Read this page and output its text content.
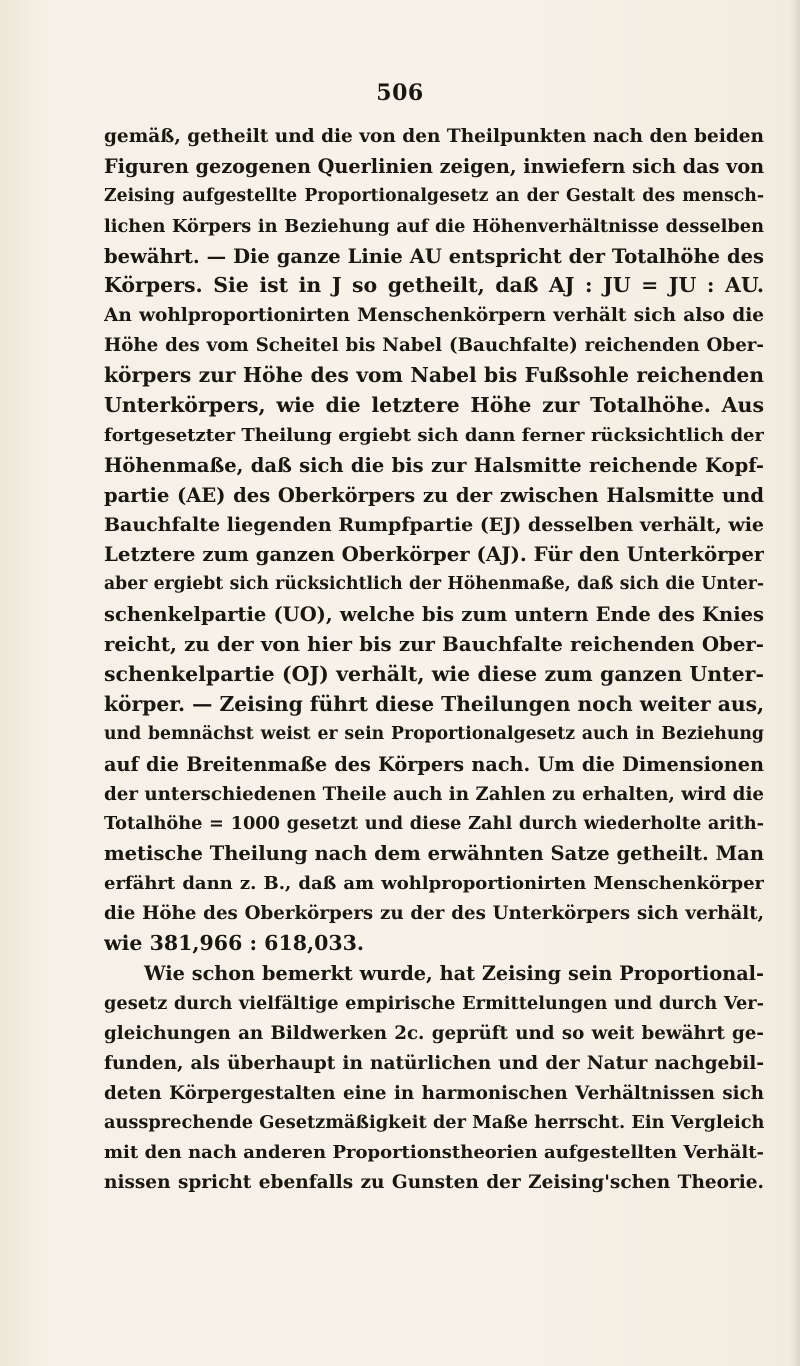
506
gemäß, getheilt und die von den Theilpunkten nach den beiden
Figuren gezogenen Querlinien zeigen, inwiefern sich das von
Zeising aufgestellte Proportionalgesetz an der Gestalt des mensch-
lichen Körpers in Beziehung auf die Höhenverhältnisse desselben
bewährt. — Die ganze Linie AU entspricht der Totalhöhe des
Körpers. Sie ist in J so getheilt, daß AJ : JU = JU : AU.
An wohlproportionirten Menschenkörpern verhält sich also die
Höhe des vom Scheitel bis Nabel (Bauchfalte) reichenden Ober-
körpers zur Höhe des vom Nabel bis Fußsohle reichenden
Unterkörpers, wie die letztere Höhe zur Totalhöhe. Aus
fortgesetzter Theilung ergiebt sich dann ferner rücksichtlich der
Höhenmaße, daß sich die bis zur Halsmitte reichende Kopf-
partie (AE) des Oberkörpers zu der zwischen Halsmitte und
Bauchfalte liegenden Rumpfpartie (EJ) desselben verhält, wie
Letztere zum ganzen Oberkörper (AJ). Für den Unterkörper
aber ergiebt sich rücksichtlich der Höhenmaße, daß sich die Unter-
schenkelpartie (UO), welche bis zum untern Ende des Knies
reicht, zu der von hier bis zur Bauchfalte reichenden Ober-
schenkelpartie (OJ) verhält, wie diese zum ganzen Unter-
körper. — Zeising führt diese Theilungen noch weiter aus,
und bemnächst weist er sein Proportionalgesetz auch in Beziehung
auf die Breitenmaße des Körpers nach. Um die Dimensionen
der unterschiedenen Theile auch in Zahlen zu erhalten, wird die
Totalhöhe = 1000 gesetzt und diese Zahl durch wiederholte arith-
metische Theilung nach dem erwähnten Satze getheilt. Man
erfährt dann z. B., daß am wohlproportionirten Menschenkörper
die Höhe des Oberkörpers zu der des Unterkörpers sich verhält,
wie 381,966 : 618,033.
Wie schon bemerkt wurde, hat Zeising sein Proportional-
gesetz durch vielfältige empirische Ermittelungen und durch Ver-
gleichungen an Bildwerken 2c. geprüft und so weit bewährt ge-
funden, als überhaupt in natürlichen und der Natur nachgebil-
deten Körpergestalten eine in harmonischen Verhältnissen sich
aussprechende Gesetzmäßigkeit der Maße herrscht. Ein Vergleich
mit den nach anderen Proportionstheorien aufgestellten Verhält-
nissen spricht ebenfalls zu Gunsten der Zeising'schen Theorie.
